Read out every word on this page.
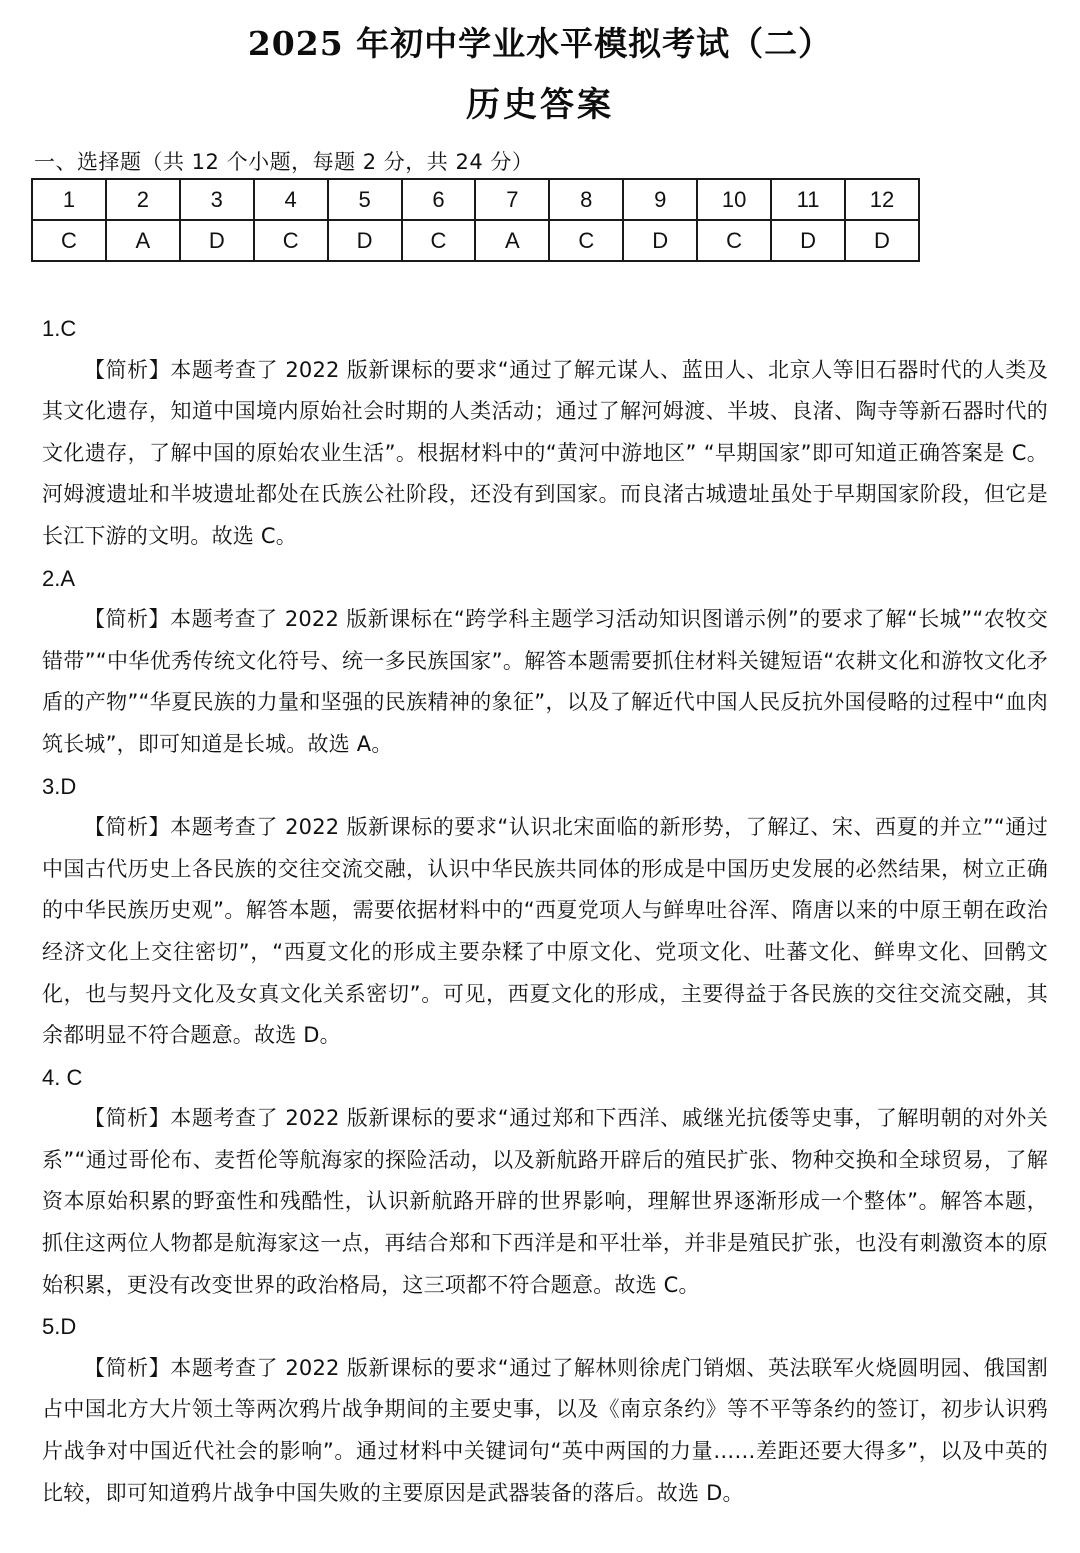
2025 年初中学业水平模拟考试（二）
历史答案
一、选择题（共 12 个小题，每题 2 分，共 24 分）
1	2	3	4	5	6	7	8	9	10	11	12
C	A	D	C	D	C	A	C	D	C	D	D

1.C

【简析】本题考查了 2022 版新课标的要求“通过了解元谋人、蓝田人、北京人等旧石器时代的人类及其文化遗存，知道中国境内原始社会时期的人类活动；通过了解河姆渡、半坡、良渚、陶寺等新石器时代的文化遗存，了解中国的原始农业生活”。根据材料中的“黄河中游地区” “早期国家”即可知道正确答案是 C。河姆渡遗址和半坡遗址都处在氏族公社阶段，还没有到国家。而良渚古城遗址虽处于早期国家阶段，但它是长江下游的文明。故选 C。

2.A

【简析】本题考查了 2022 版新课标在“跨学科主题学习活动知识图谱示例”的要求了解“长城”“农牧交错带”“中华优秀传统文化符号、统一多民族国家”。解答本题需要抓住材料关键短语“农耕文化和游牧文化矛盾的产物”“华夏民族的力量和坚强的民族精神的象征”，以及了解近代中国人民反抗外国侵略的过程中“血肉筑长城”，即可知道是长城。故选 A。

3.D

【简析】本题考查了 2022 版新课标的要求“认识北宋面临的新形势，了解辽、宋、西夏的并立”“通过中国古代历史上各民族的交往交流交融，认识中华民族共同体的形成是中国历史发展的必然结果，树立正确的中华民族历史观”。解答本题，需要依据材料中的“西夏党项人与鲜卑吐谷浑、隋唐以来的中原王朝在政治经济文化上交往密切”，“西夏文化的形成主要杂糅了中原文化、党项文化、吐蕃文化、鲜卑文化、回鹘文化，也与契丹文化及女真文化关系密切”。可见，西夏文化的形成，主要得益于各民族的交往交流交融，其余都明显不符合题意。故选 D。

4. C

【简析】本题考查了 2022 版新课标的要求“通过郑和下西洋、戚继光抗倭等史事，了解明朝的对外关系”“通过哥伦布、麦哲伦等航海家的探险活动，以及新航路开辟后的殖民扩张、物种交换和全球贸易，了解资本原始积累的野蛮性和残酷性，认识新航路开辟的世界影响，理解世界逐渐形成一个整体”。解答本题，抓住这两位人物都是航海家这一点，再结合郑和下西洋是和平壮举，并非是殖民扩张，也没有刺激资本的原始积累，更没有改变世界的政治格局，这三项都不符合题意。故选 C。

5.D

【简析】本题考查了 2022 版新课标的要求“通过了解林则徐虎门销烟、英法联军火烧圆明园、俄国割占中国北方大片领土等两次鸦片战争期间的主要史事，以及《南京条约》等不平等条约的签订，初步认识鸦片战争对中国近代社会的影响”。通过材料中关键词句“英中两国的力量……差距还要大得多”，以及中英的比较，即可知道鸦片战争中国失败的主要原因是武器装备的落后。故选 D。
